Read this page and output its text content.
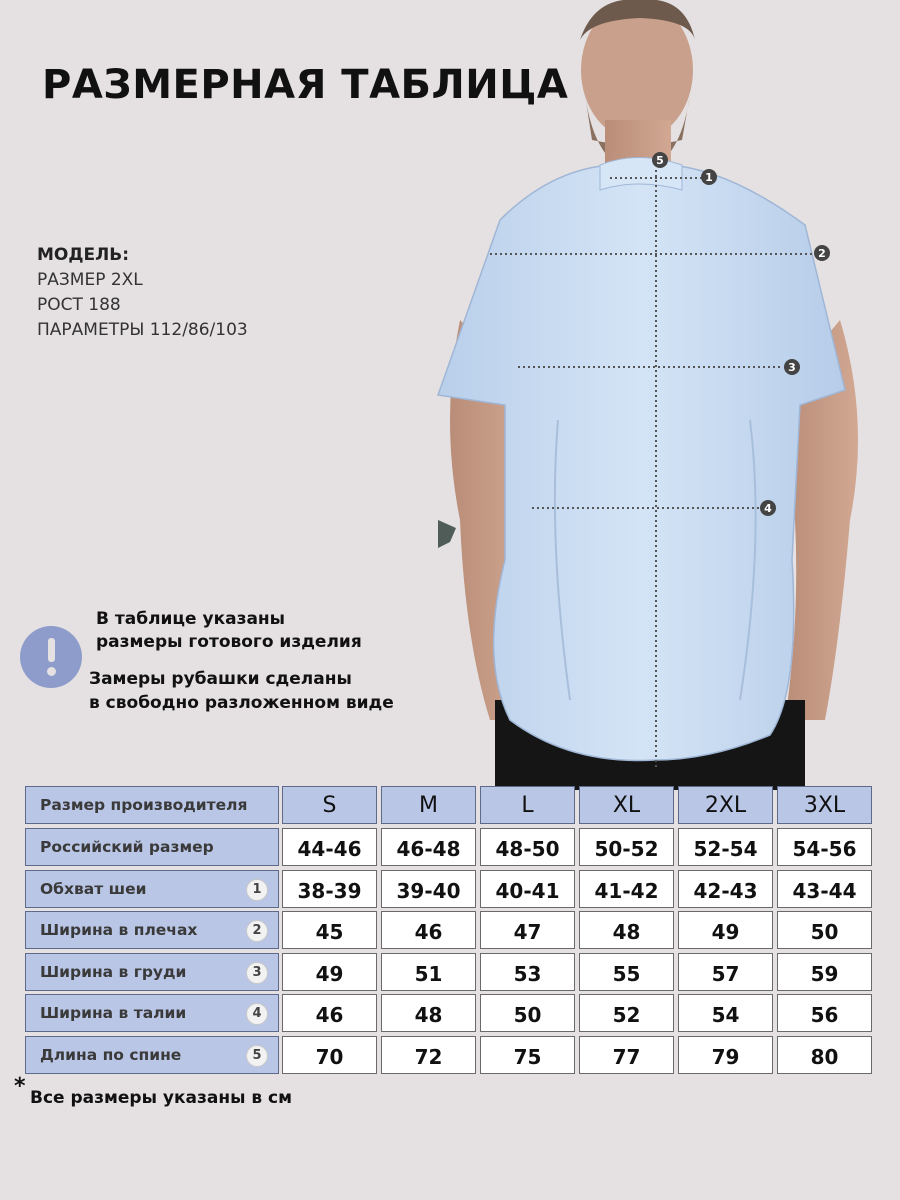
РАЗМЕРНАЯ ТАБЛИЦА
МОДЕЛЬ:
РАЗМЕР 2XL
РОСТ 188
ПАРАМЕТРЫ 112/86/103
1
2
3
4
5
В таблице указаны
размеры готового изделия
Замеры рубашки сделаны
в свободно разложенном виде
Размер производителя	S	M	L	XL	2XL	3XL
Российский размер	44-46	46-48	48-50	50-52	52-54	54-56
Обхват шеи	1	38-39	39-40	40-41	41-42	42-43	43-44
Ширина в плечах	2	45	46	47	48	49	50
Ширина в груди	3	49	51	53	55	57	59
Ширина в талии	4	46	48	50	52	54	56
Длина по спине	5	70	72	75	77	79	80
* Все размеры указаны в см
